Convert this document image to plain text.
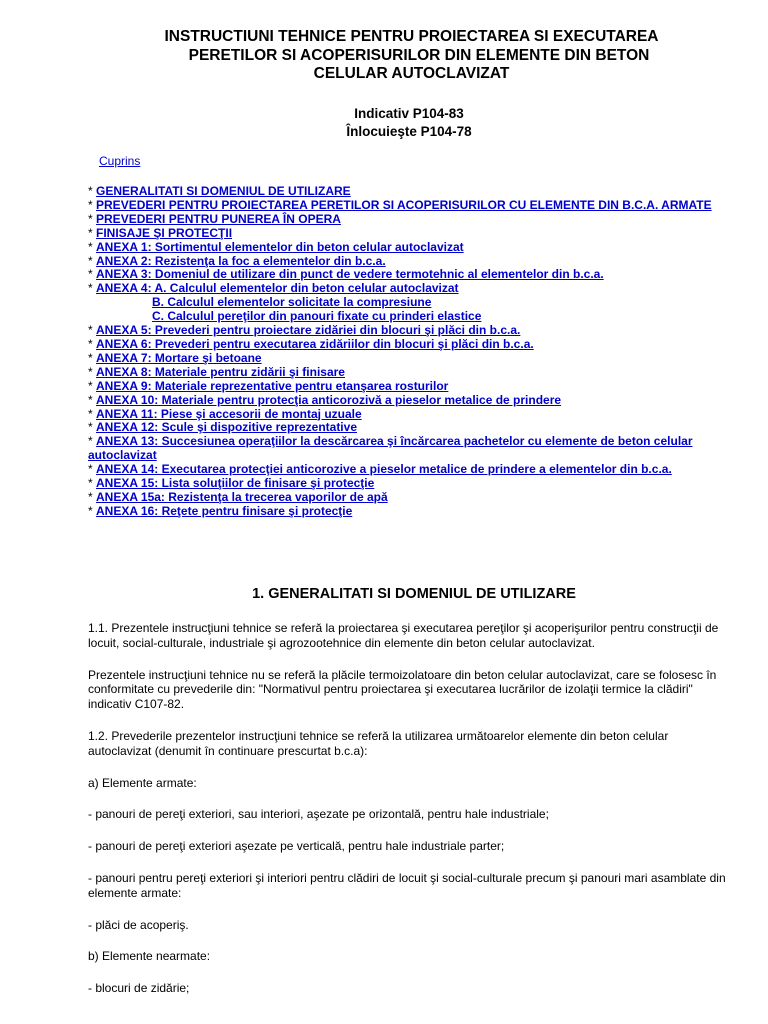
INSTRUCTIUNI TEHNICE PENTRU PROIECTAREA SI EXECUTAREA
PERETILOR SI ACOPERISURILOR DIN ELEMENTE DIN BETON
CELULAR AUTOCLAVIZAT
Indicativ P104-83
Înlocuieşte P104-78
Cuprins
* GENERALITATI SI DOMENIUL DE UTILIZARE
* PREVEDERI PENTRU PROIECTAREA PERETILOR SI ACOPERISURILOR CU ELEMENTE DIN B.C.A. ARMATE
* PREVEDERI PENTRU PUNEREA ÎN OPERA
* FINISAJE ŞI PROTECŢII
* ANEXA 1: Sortimentul elementelor din beton celular autoclavizat
* ANEXA 2: Rezistenţa la foc a elementelor din b.c.a.
* ANEXA 3: Domeniul de utilizare din punct de vedere termotehnic al elementelor din b.c.a.
* ANEXA 4: A. Calculul elementelor din beton celular autoclavizat
B. Calculul elementelor solicitate la compresiune
C. Calculul pereţilor din panouri fixate cu prinderi elastice
* ANEXA 5: Prevederi pentru proiectare zidăriei din blocuri şi plăci din b.c.a.
* ANEXA 6: Prevederi pentru executarea zidăriilor din blocuri şi plăci din b.c.a.
* ANEXA 7: Mortare şi betoane
* ANEXA 8: Materiale pentru zidării şi finisare
* ANEXA 9: Materiale reprezentative pentru etanşarea rosturilor
* ANEXA 10: Materiale pentru protecţia anticorozivă a pieselor metalice de prindere
* ANEXA 11: Piese şi accesorii de montaj uzuale
* ANEXA 12: Scule şi dispozitive reprezentative
* ANEXA 13: Succesiunea operaţiilor la descărcarea şi încărcarea pachetelor cu elemente de beton celular autoclavizat
* ANEXA 14: Executarea protecţiei anticorozive a pieselor metalice de prindere a elementelor din b.c.a.
* ANEXA 15: Lista soluţiilor de finisare şi protecţie
* ANEXA 15a: Rezistenţa la trecerea vaporilor de apă
* ANEXA 16: Reţete pentru finisare şi protecţie
1. GENERALITATI SI DOMENIUL DE UTILIZARE

1.1. Prezentele instrucţiuni tehnice se referă la proiectarea şi executarea pereţilor şi acoperişurilor pentru construcţii de locuit, social-culturale, industriale şi agrozootehnice din elemente din beton celular autoclavizat.

Prezentele instrucţiuni tehnice nu se referă la plăcile termoizolatoare din beton celular autoclavizat, care se folosesc în conformitate cu prevederile din: "Normativul pentru proiectarea şi executarea lucrărilor de izolaţii termice la clădiri" indicativ C107-82.

1.2. Prevederile prezentelor instrucţiuni tehnice se referă la utilizarea următoarelor elemente din beton celular autoclavizat (denumit în continuare prescurtat b.c.a):

a) Elemente armate:

- panouri de pereţi exteriori, sau interiori, aşezate pe orizontală, pentru hale industriale;

- panouri de pereţi exteriori aşezate pe verticală, pentru hale industriale parter;

- panouri pentru pereţi exteriori şi interiori pentru clădiri de locuit şi social-culturale precum şi panouri mari asamblate din elemente armate:

- plăci de acoperiş.

b) Elemente nearmate:

- blocuri de zidărie;
